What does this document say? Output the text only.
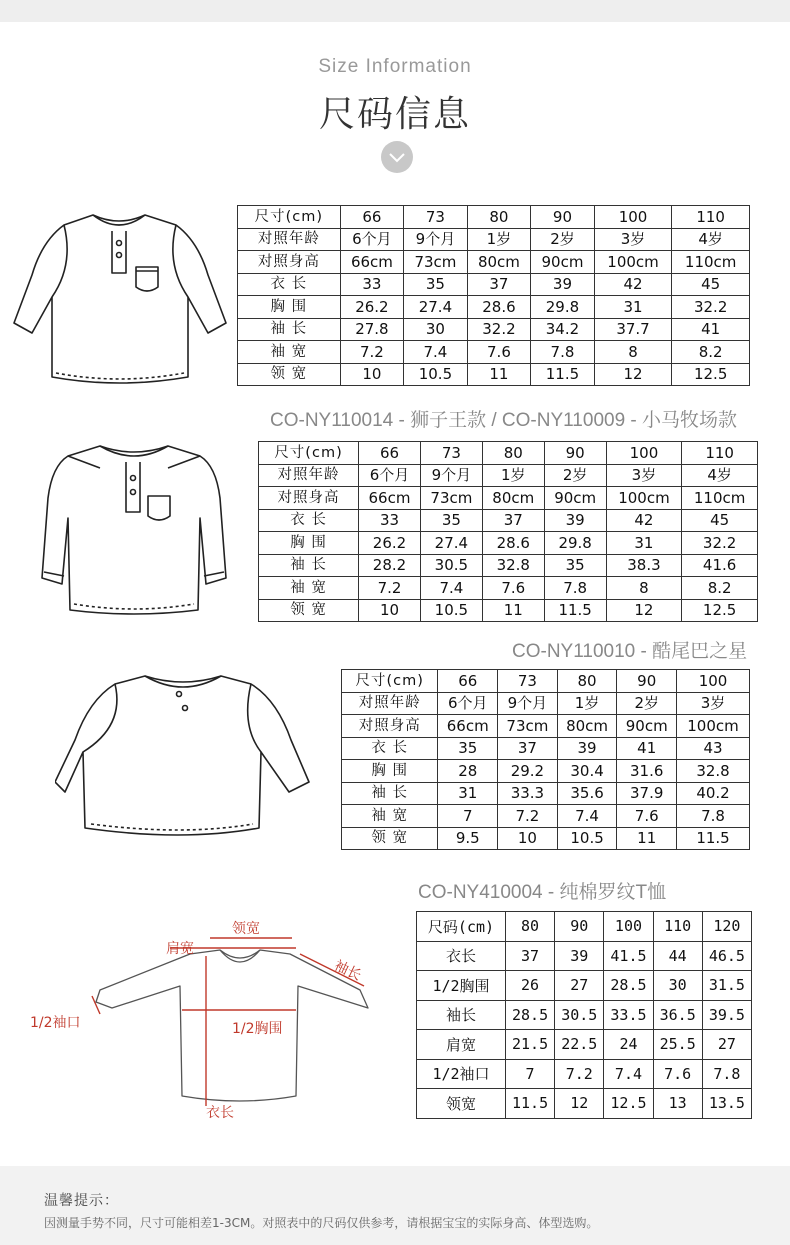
Size Information
尺码信息
尺寸(cm)	66	73	80	90	100	110
对照年龄	6个月	9个月	1岁	2岁	3岁	4岁
对照身高	66cm	73cm	80cm	90cm	100cm	110cm
衣 长	33	35	37	39	42	45
胸 围	26.2	27.4	28.6	29.8	31	32.2
袖 长	27.8	30	32.2	34.2	37.7	41
袖 宽	7.2	7.4	7.6	7.8	8	8.2
领 宽	10	10.5	11	11.5	12	12.5
CO-NY110014 - 狮子王款 / CO-NY110009 - 小马牧场款
尺寸(cm)	66	73	80	90	100	110
对照年龄	6个月	9个月	1岁	2岁	3岁	4岁
对照身高	66cm	73cm	80cm	90cm	100cm	110cm
衣 长	33	35	37	39	42	45
胸 围	26.2	27.4	28.6	29.8	31	32.2
袖 长	28.2	30.5	32.8	35	38.3	41.6
袖 宽	7.2	7.4	7.6	7.8	8	8.2
领 宽	10	10.5	11	11.5	12	12.5
CO-NY110010 - 酷尾巴之星
尺寸(cm)	66	73	80	90	100
对照年龄	6个月	9个月	1岁	2岁	3岁
对照身高	66cm	73cm	80cm	90cm	100cm
衣 长	35	37	39	41	43
胸 围	28	29.2	30.4	31.6	32.8
袖 长	31	33.3	35.6	37.9	40.2
袖 宽	7	7.2	7.4	7.6	7.8
领 宽	9.5	10	10.5	11	11.5
CO-NY410004 - 纯棉罗纹T恤
领宽
肩宽
袖长
1/2袖口	1/2胸围
衣长
尺码(cm)	80	90	100	110	120
衣长	37	39	41.5	44	46.5
1/2胸围	26	27	28.5	30	31.5
袖长	28.5	30.5	33.5	36.5	39.5
肩宽	21.5	22.5	24	25.5	27
1/2袖口	7	7.2	7.4	7.6	7.8
领宽	11.5	12	12.5	13	13.5
温馨提示：
因测量手势不同，尺寸可能相差1-3CM。对照表中的尺码仅供参考，请根据宝宝的实际身高、体型选购。
